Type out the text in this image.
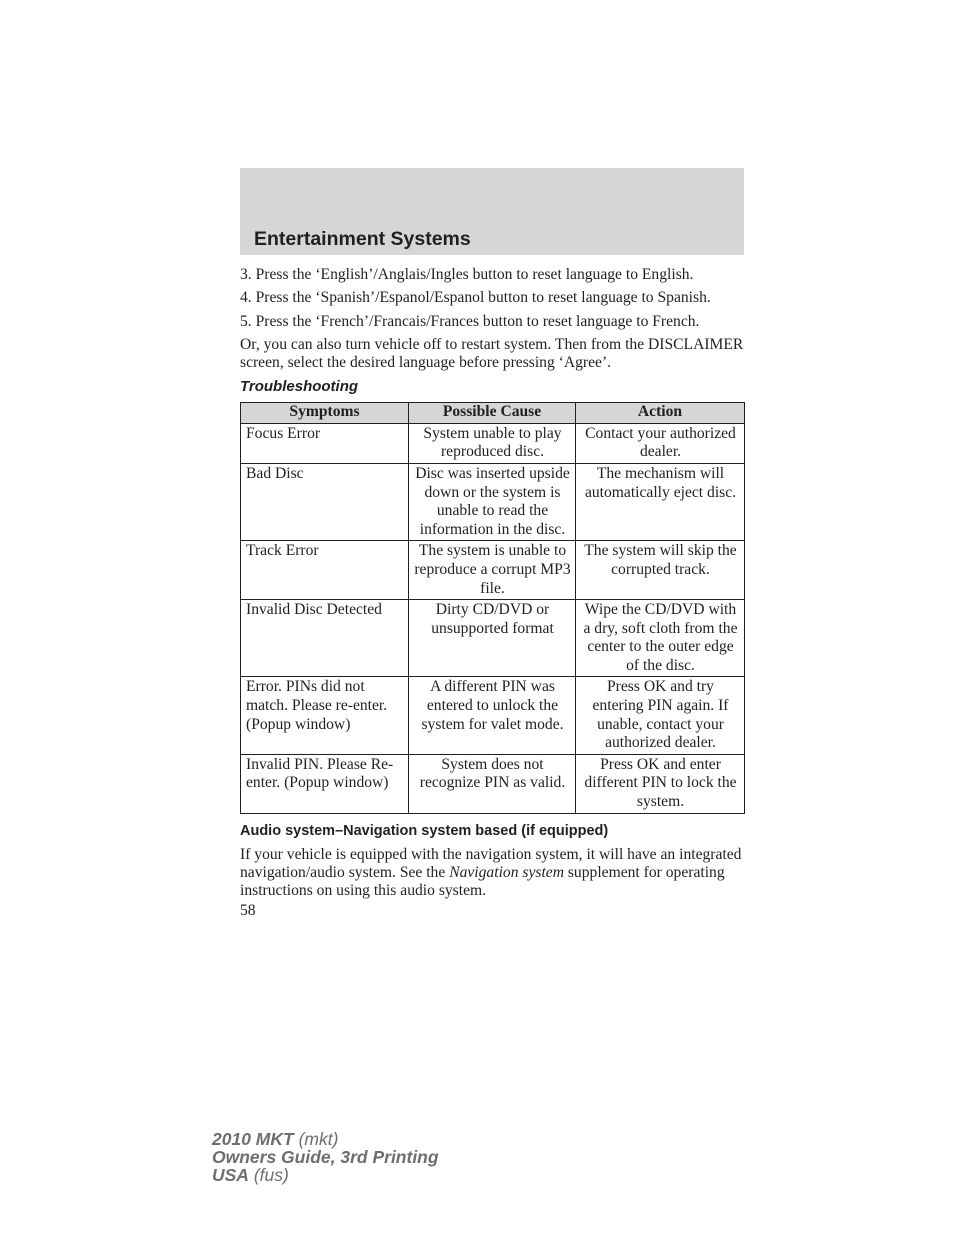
Entertainment Systems

3. Press the ‘English’/Anglais/Ingles button to reset language to English.

4. Press the ‘Spanish’/Espanol/Espanol button to reset language to Spanish.

5. Press the ‘French’/Francais/Frances button to reset language to French.

Or, you can also turn vehicle off to restart system. Then from the DISCLAIMER screen, select the desired language before pressing ‘Agree’.

Troubleshooting
Symptoms	Possible Cause	Action
Focus Error	System unable to play reproduced disc.	Contact your authorized dealer.
Bad Disc	Disc was inserted upside down or the system is unable to read the information in the disc.	The mechanism will automatically eject disc.
Track Error	The system is unable to reproduce a corrupt MP3 file.	The system will skip the corrupted track.
Invalid Disc Detected	Dirty CD/DVD or unsupported format	Wipe the CD/DVD with a dry, soft cloth from the center to the outer edge of the disc.
Error. PINs did not match. Please re-enter. (Popup window)	A different PIN was entered to unlock the system for valet mode.	Press OK and try entering PIN again. If unable, contact your authorized dealer.
Invalid PIN. Please Re-enter. (Popup window)	System does not recognize PIN as valid.	Press OK and enter different PIN to lock the system.
Audio system–Navigation system based (if equipped)

If your vehicle is equipped with the navigation system, it will have an integrated navigation/audio system. See the Navigation system supplement for operating instructions on using this audio system.

58
2010 MKT (mkt)
Owners Guide, 3rd Printing
USA (fus)
